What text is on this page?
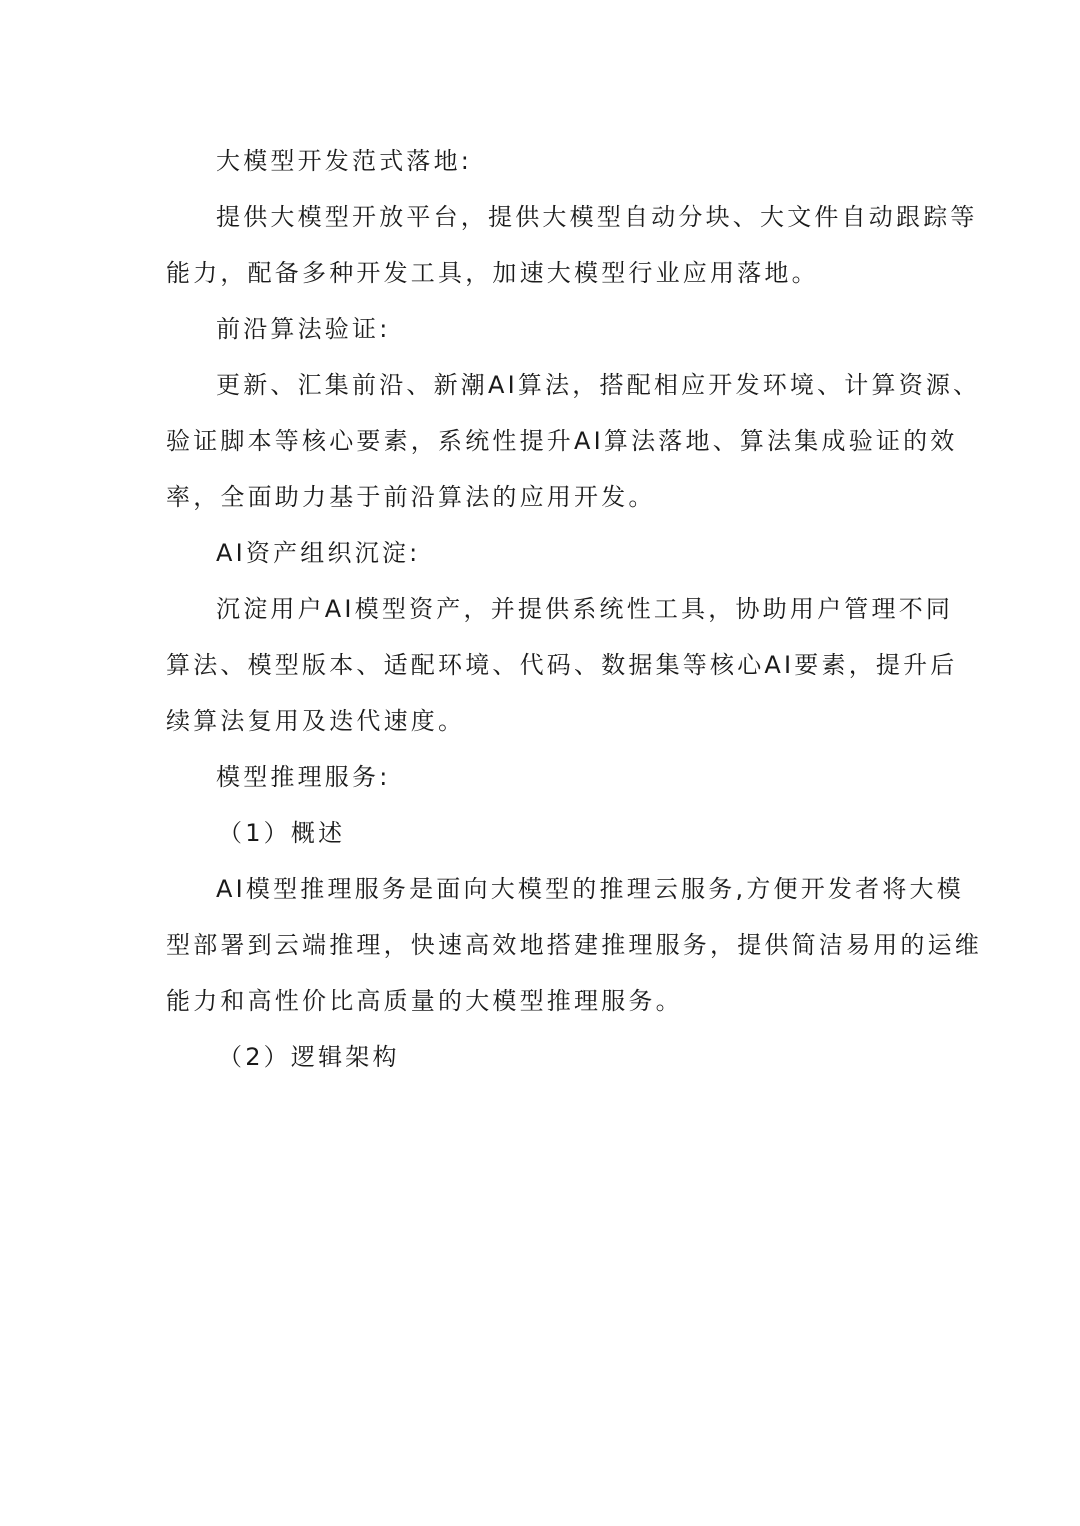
大模型开发范式落地:

提供大模型开放平台，提供大模型自动分块、大文件自动跟踪等

能力，配备多种开发工具，加速大模型行业应用落地。

前沿算法验证:

更新、汇集前沿、新潮AI算法，搭配相应开发环境、计算资源、

验证脚本等核心要素，系统性提升AI算法落地、算法集成验证的效

率，全面助力基于前沿算法的应用开发。

AI资产组织沉淀:

沉淀用户AI模型资产，并提供系统性工具，协助用户管理不同

算法、模型版本、适配环境、代码、数据集等核心AI要素，提升后

续算法复用及迭代速度。

模型推理服务:

（1）概述

AI模型推理服务是面向大模型的推理云服务,方便开发者将大模

型部署到云端推理，快速高效地搭建推理服务，提供简洁易用的运维

能力和高性价比高质量的大模型推理服务。

（2）逻辑架构
